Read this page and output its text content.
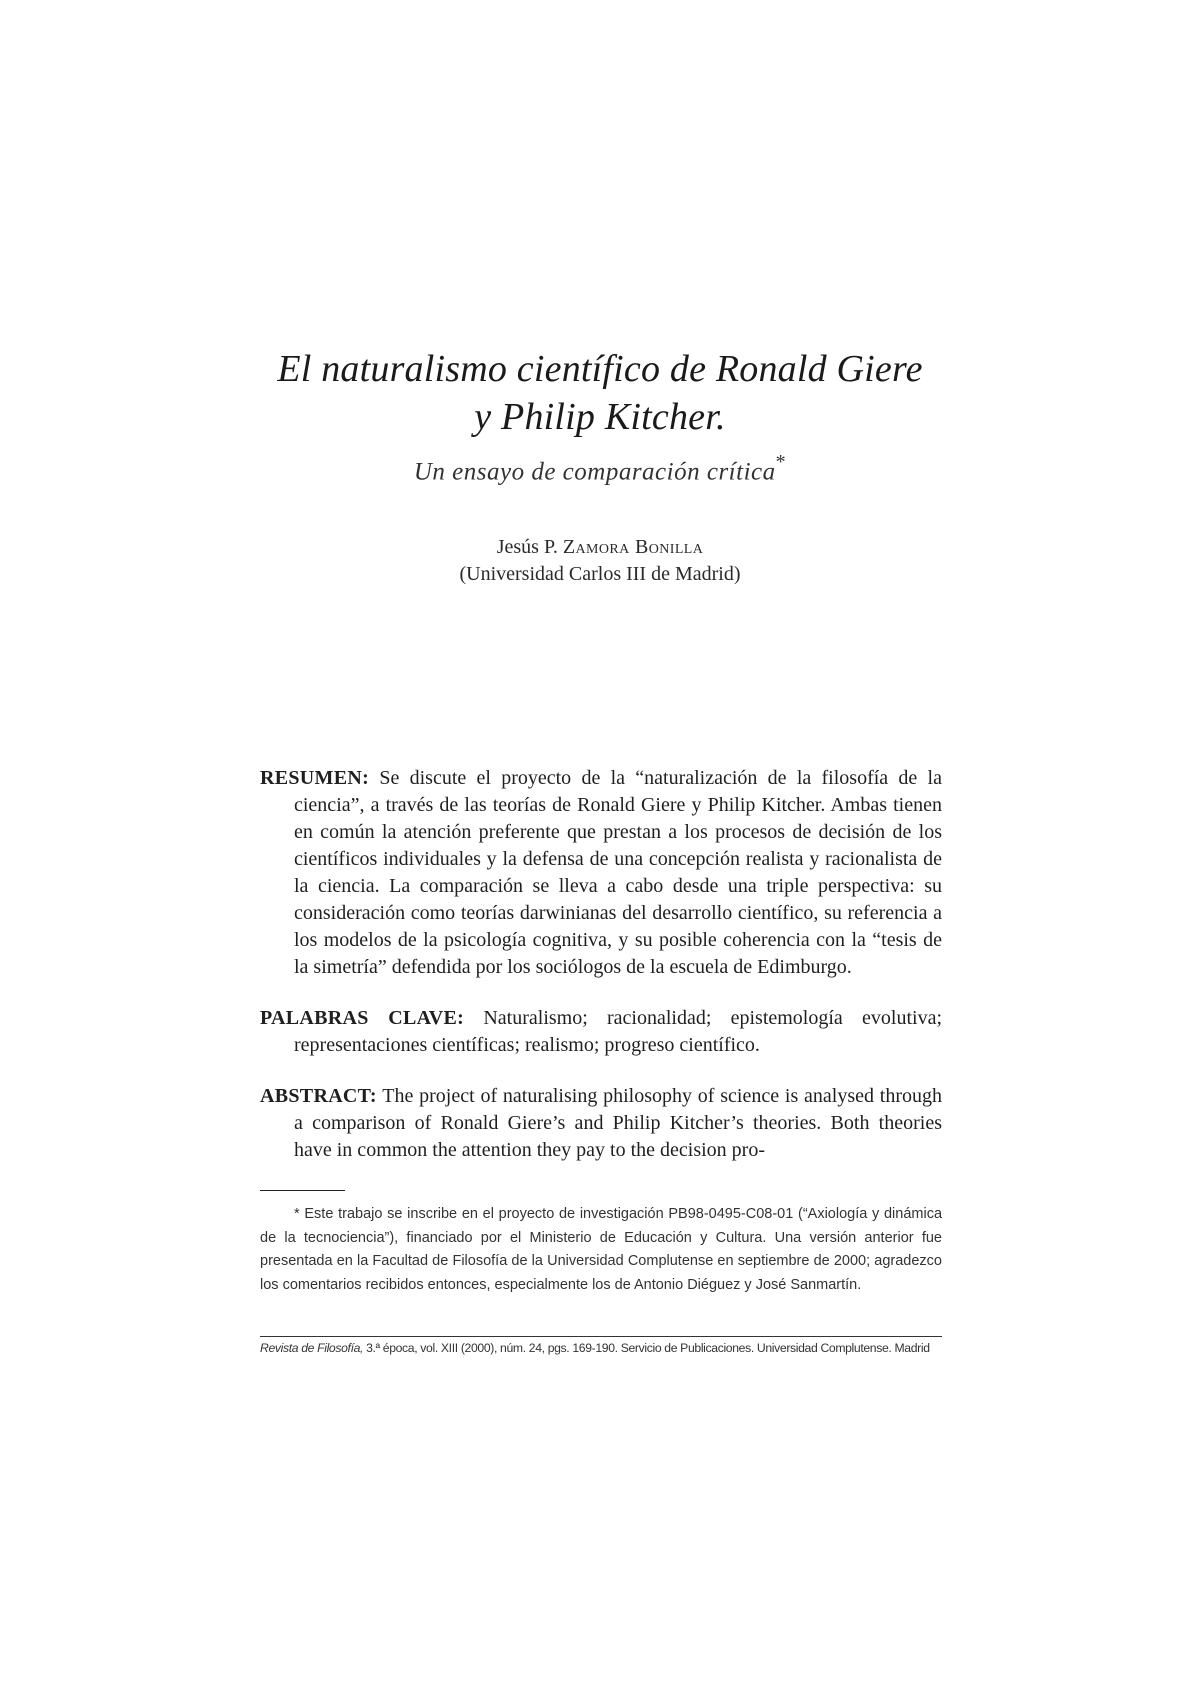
El naturalismo científico de Ronald Giere
y Philip Kitcher.
Un ensayo de comparación crítica*
Jesús P. Zamora Bonilla
(Universidad Carlos III de Madrid)
RESUMEN: Se discute el proyecto de la “naturalización de la filosofía de la ciencia”, a través de las teorías de Ronald Giere y Philip Kitcher. Ambas tienen en común la atención preferente que prestan a los procesos de decisión de los científicos individuales y la defensa de una concepción realista y racionalista de la ciencia. La comparación se lleva a cabo desde una triple perspectiva: su consideración como teorías darwinianas del desarrollo científico, su referencia a los modelos de la psicología cognitiva, y su posible coherencia con la “tesis de la simetría” defendida por los sociólogos de la escuela de Edimburgo.
PALABRAS CLAVE: Naturalismo; racionalidad; epistemología evolutiva; representaciones científicas; realismo; progreso científico.
ABSTRACT: The project of naturalising philosophy of science is analysed through a comparison of Ronald Giere’s and Philip Kitcher’s theories. Both theories have in common the attention they pay to the decision pro-
* Este trabajo se inscribe en el proyecto de investigación PB98-0495-C08-01 (“Axiología y dinámica de la tecnociencia”), financiado por el Ministerio de Educación y Cultura. Una versión anterior fue presentada en la Facultad de Filosofía de la Universidad Complutense en septiembre de 2000; agradezco los comentarios recibidos entonces, especialmente los de Antonio Diéguez y José Sanmartín.
Revista de Filosofía, 3.ª época, vol. XIII (2000), núm. 24, pgs. 169-190. Servicio de Publicaciones. Universidad Complutense. Madrid
